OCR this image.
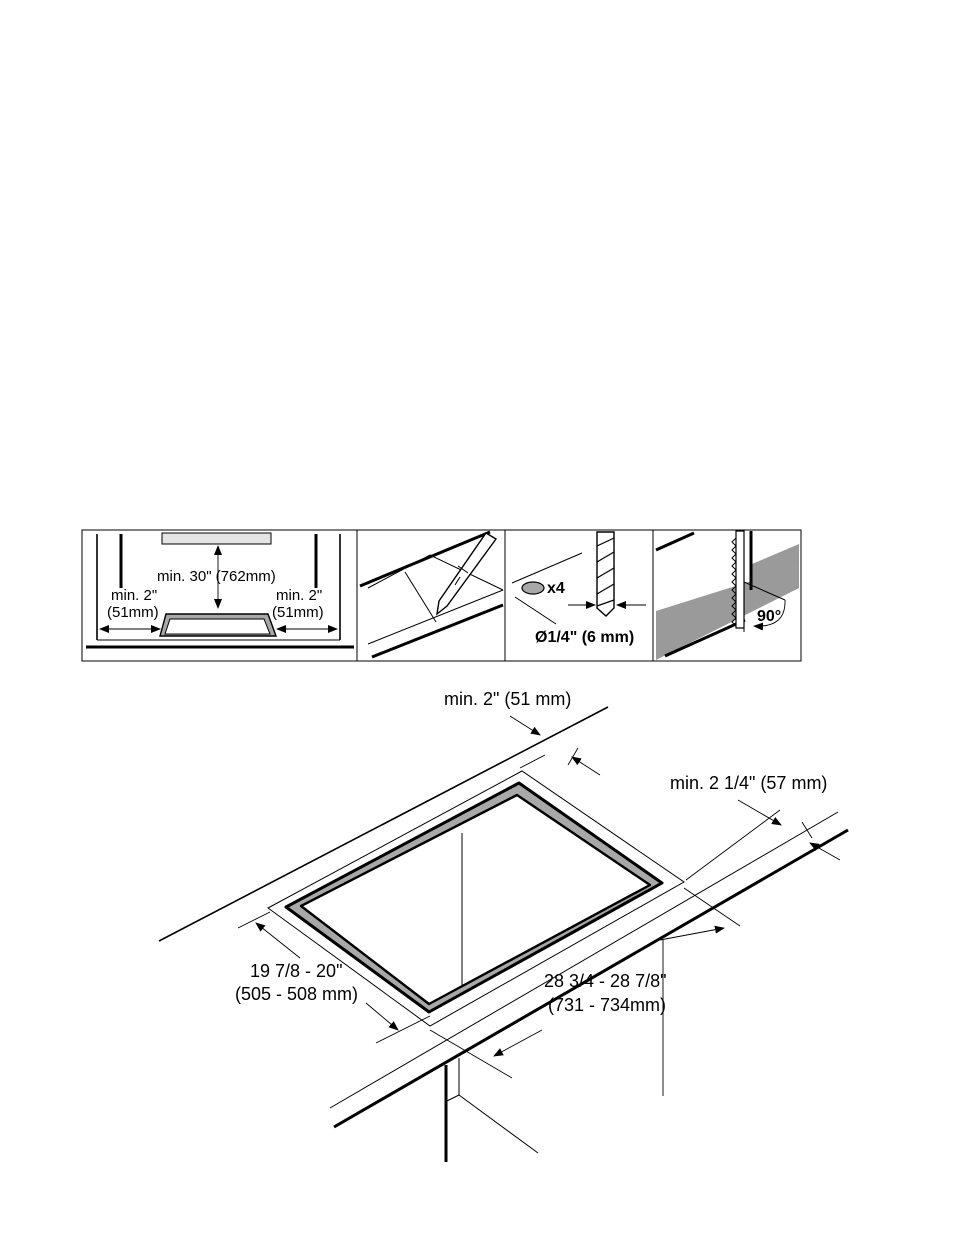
min. 30" (762mm)
min. 2"
(51mm)
min. 2"
(51mm)
x4
Ø1/4" (6 mm)
90°
min. 2" (51 mm)
min. 2 1/4" (57 mm)
19 7/8 - 20"
(505 - 508 mm)
28 3/4 - 28 7/8"
(731 - 734mm)
